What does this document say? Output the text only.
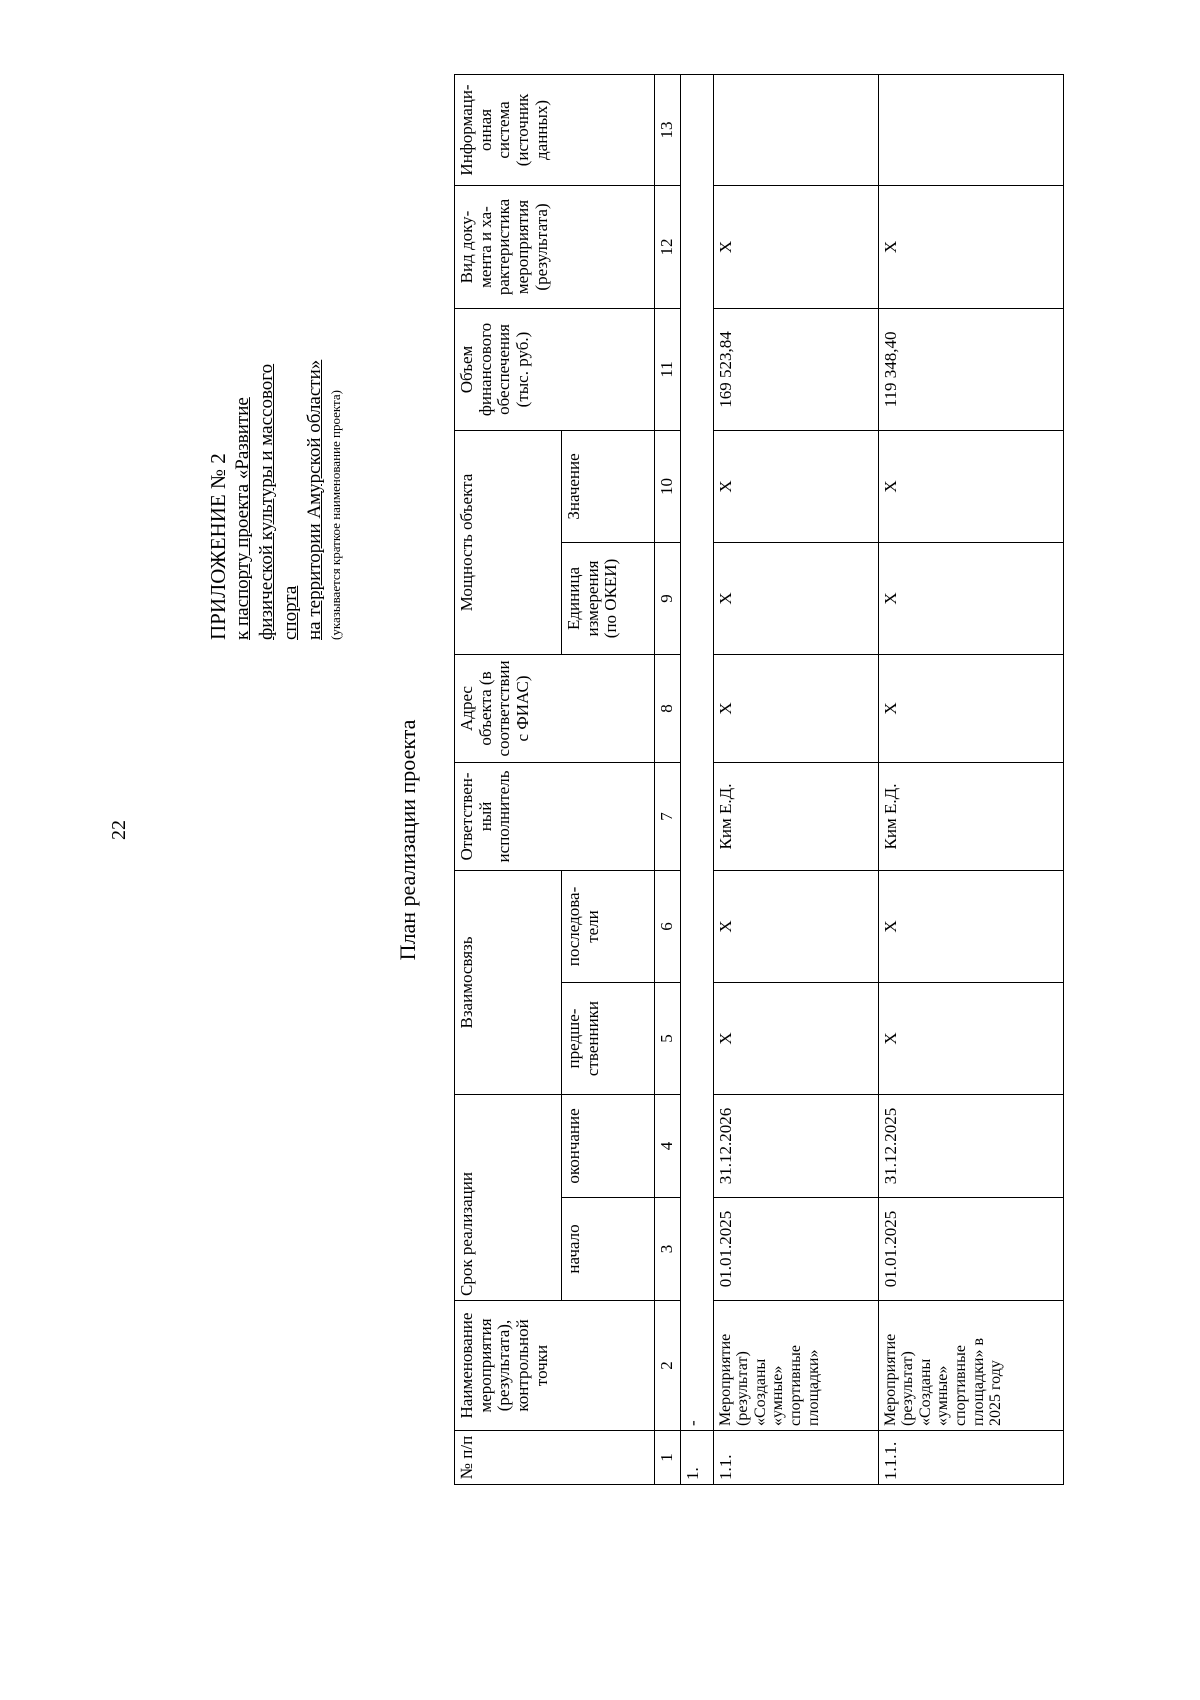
22
ПРИЛОЖЕНИЕ № 2 к паспорту проекта «Развитие физической культуры и массового спорта на территории Амурской области» (указывается краткое наименование проекта)
План реализации проекта
№ п/п	Наименование мероприятия (результата), контрольной точки	Срок реализации		Взаимосвязь		Ответствен-ный исполнитель	Адрес объекта (в соответствии с ФИАС)	Мощность объекта		Объем финансового обеспечения (тыс. руб.)	Вид доку-мента и ха-рактеристика мероприятия (результата)	Информаци-онная система (источник данных)
		начало	окончание	предше-ственники	последова-тели			Единица измерения (по ОКЕИ)	Значение			
1	2	3	4	5	6	7	8	9	10	11	12	13
1.	-											
1.1.	Мероприятие (результат) «Созданы «умные» спортивные площадки»	01.01.2025	31.12.2026	X	X	Ким Е.Д.	X	X	X	169 523,84	X	
1.1.1.	Мероприятие (результат) «Созданы «умные» спортивные площадки» в 2025 году	01.01.2025	31.12.2025	X	X	Ким Е.Д.	X	X	X	119 348,40	X	
